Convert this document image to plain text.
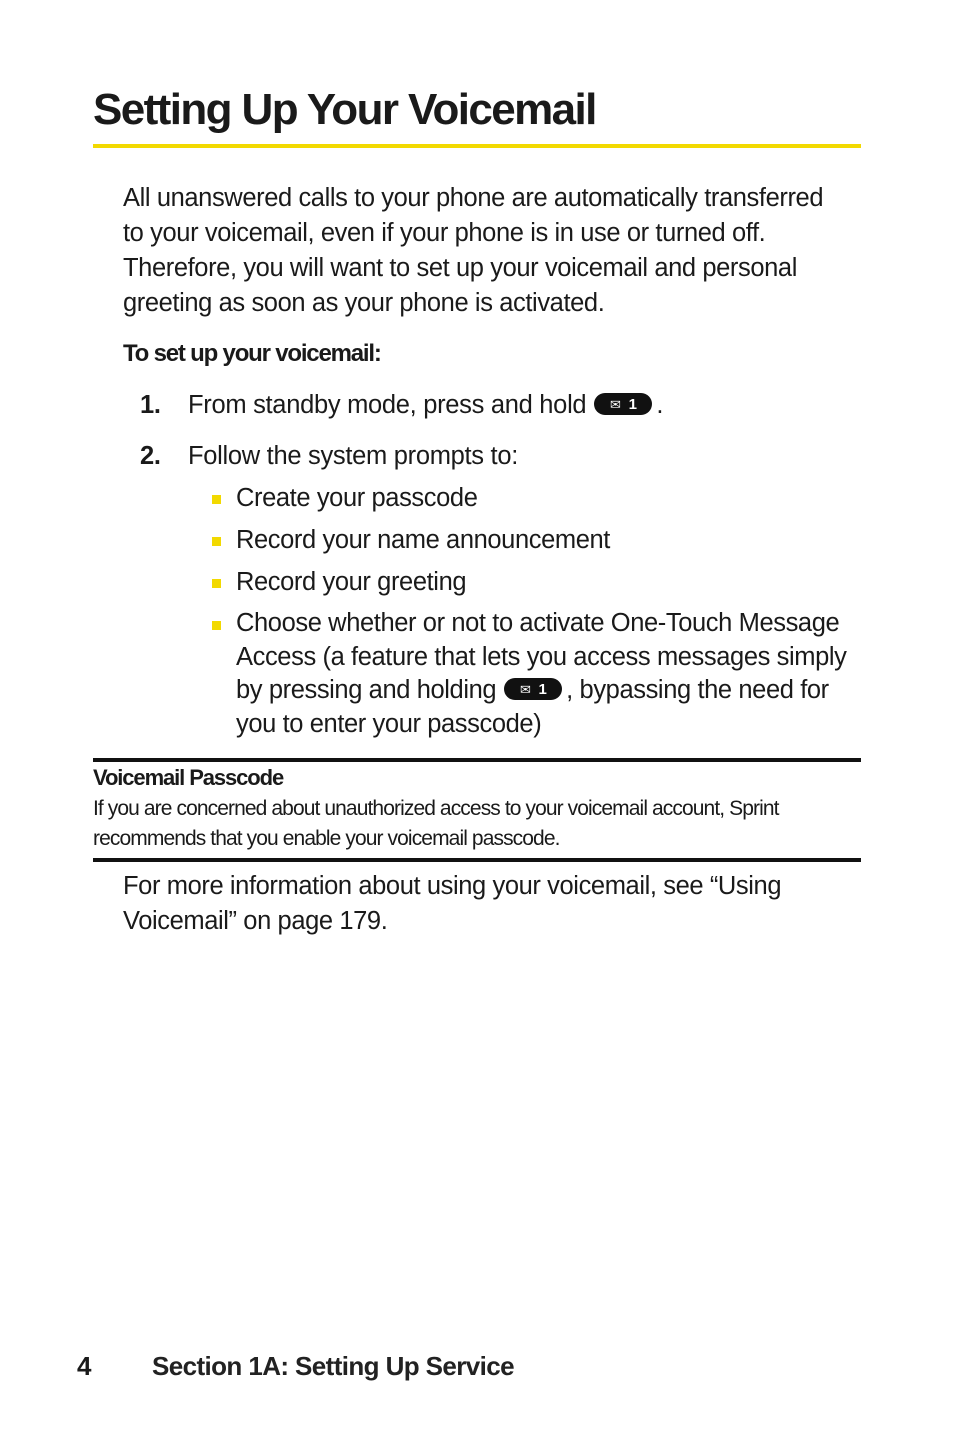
Setting Up Your Voicemail

All unanswered calls to your phone are automatically transferred to your voicemail, even if your phone is in use or turned off. Therefore, you will want to set up your voicemail and personal greeting as soon as your phone is activated.

To set up your voicemail:

1. From standby mode, press and hold ✉ 1 .
2. Follow the system prompts to:
Create your passcode
Record your name announcement
Record your greeting
Choose whether or not to activate One-Touch Message Access (a feature that lets you access messages simply by pressing and holding ✉ 1 , bypassing the need for you to enter your passcode)

Voicemail Passcode

If you are concerned about unauthorized access to your voicemail account, Sprint recommends that you enable your voicemail passcode.

For more information about using your voicemail, see “Using Voicemail” on page 179.

4 Section 1A: Setting Up Service
